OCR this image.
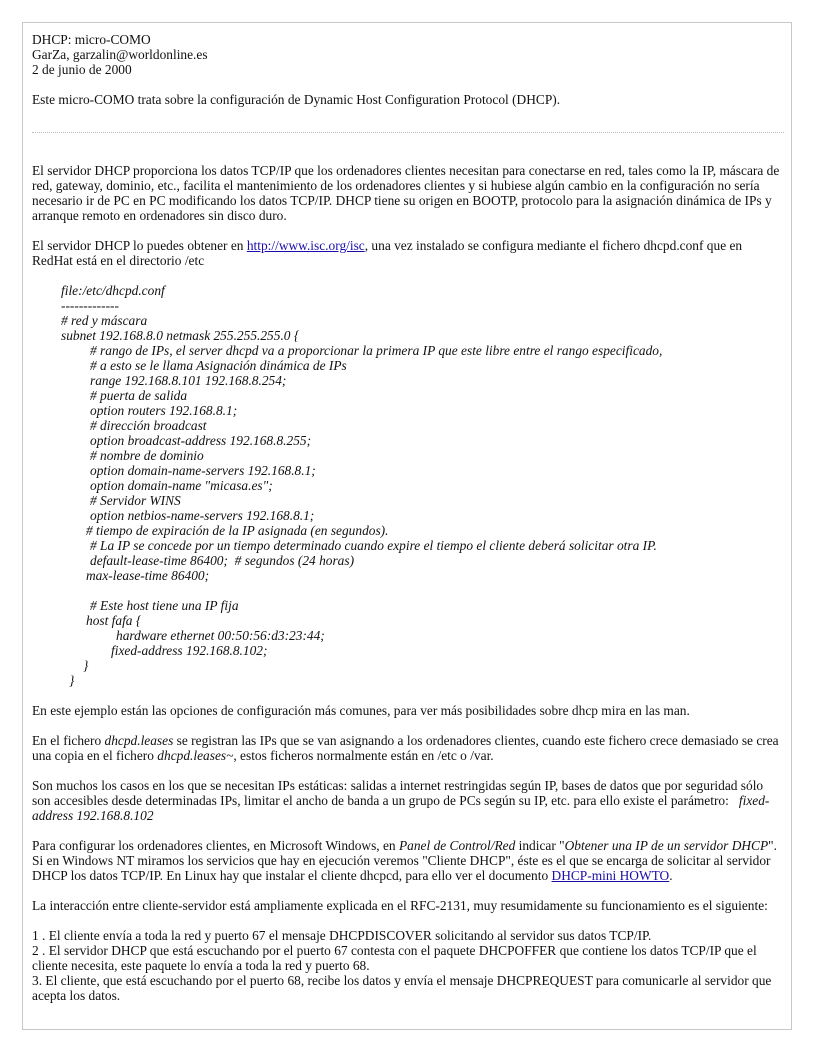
DHCP: micro-COMO

GarZa, garzalin@worldonline.es

2 de junio de 2000

Este micro-COMO trata sobre la configuración de Dynamic Host Configuration Protocol (DHCP).

El servidor DHCP proporciona los datos TCP/IP que los ordenadores clientes necesitan para conectarse en red, tales como la IP, máscara de red, gateway, dominio, etc., facilita el mantenimiento de los ordenadores clientes y si hubiese algún cambio en la configuración no sería necesario ir de PC en PC modificando los datos TCP/IP. DHCP tiene su origen en BOOTP, protocolo para la asignación dinámica de IPs y arranque remoto en ordenadores sin disco duro.

El servidor DHCP lo puedes obtener en http://www.isc.org/isc, una vez instalado se configura mediante el fichero dhcpd.conf que en RedHat está en el directorio /etc

file:/etc/dhcpd.conf
-------------
# red y máscara
subnet 192.168.8.0 netmask 255.255.255.0 {
# rango de IPs, el server dhcpd va a proporcionar la primera IP que este libre entre el rango especificado,
# a esto se le llama Asignación dinámica de IPs
range 192.168.8.101 192.168.8.254;
# puerta de salida
option routers 192.168.8.1;
# dirección broadcast
option broadcast-address 192.168.8.255;
# nombre de dominio
option domain-name-servers 192.168.8.1;
option domain-name "micasa.es";
# Servidor WINS
option netbios-name-servers 192.168.8.1;
# tiempo de expiración de la IP asignada (en segundos).
# La IP se concede por un tiempo determinado cuando expire el tiempo el cliente deberá solicitar otra IP.
default-lease-time 86400;  # segundos (24 horas)
max-lease-time 86400;
# Este host tiene una IP fija
host fafa {
hardware ethernet 00:50:56:d3:23:44;
fixed-address 192.168.8.102;
}
}

En este ejemplo están las opciones de configuración más comunes, para ver más posibilidades sobre dhcp mira en las man.

En el fichero dhcpd.leases se registran las IPs que se van asignando a los ordenadores clientes, cuando este fichero crece demasiado se crea una copia en el fichero dhcpd.leases~, estos ficheros normalmente están en /etc o /var.

Son muchos los casos en los que se necesitan IPs estáticas: salidas a internet restringidas según IP, bases de datos que por seguridad sólo son accesibles desde determinadas IPs, limitar el ancho de banda a un grupo de PCs según su IP, etc. para ello existe el parámetro: fixed-address 192.168.8.102

Para configurar los ordenadores clientes, en Microsoft Windows, en Panel de Control/Red indicar "Obtener una IP de un servidor DHCP". Si en Windows NT miramos los servicios que hay en ejecución veremos "Cliente DHCP", éste es el que se encarga de solicitar al servidor DHCP los datos TCP/IP. En Linux hay que instalar el cliente dhcpcd, para ello ver el documento DHCP-mini HOWTO.

La interacción entre cliente-servidor está ampliamente explicada en el RFC-2131, muy resumidamente su funcionamiento es el siguiente:

1 . El cliente envía a toda la red y puerto 67 el mensaje DHCPDISCOVER solicitando al servidor sus datos TCP/IP.

2 . El servidor DHCP que está escuchando por el puerto 67 contesta con el paquete DHCPOFFER que contiene los datos TCP/IP que el cliente necesita, este paquete lo envía a toda la red y puerto 68.

3. El cliente, que está escuchando por el puerto 68, recibe los datos y envía el mensaje DHCPREQUEST para comunicarle al servidor que acepta los datos.
